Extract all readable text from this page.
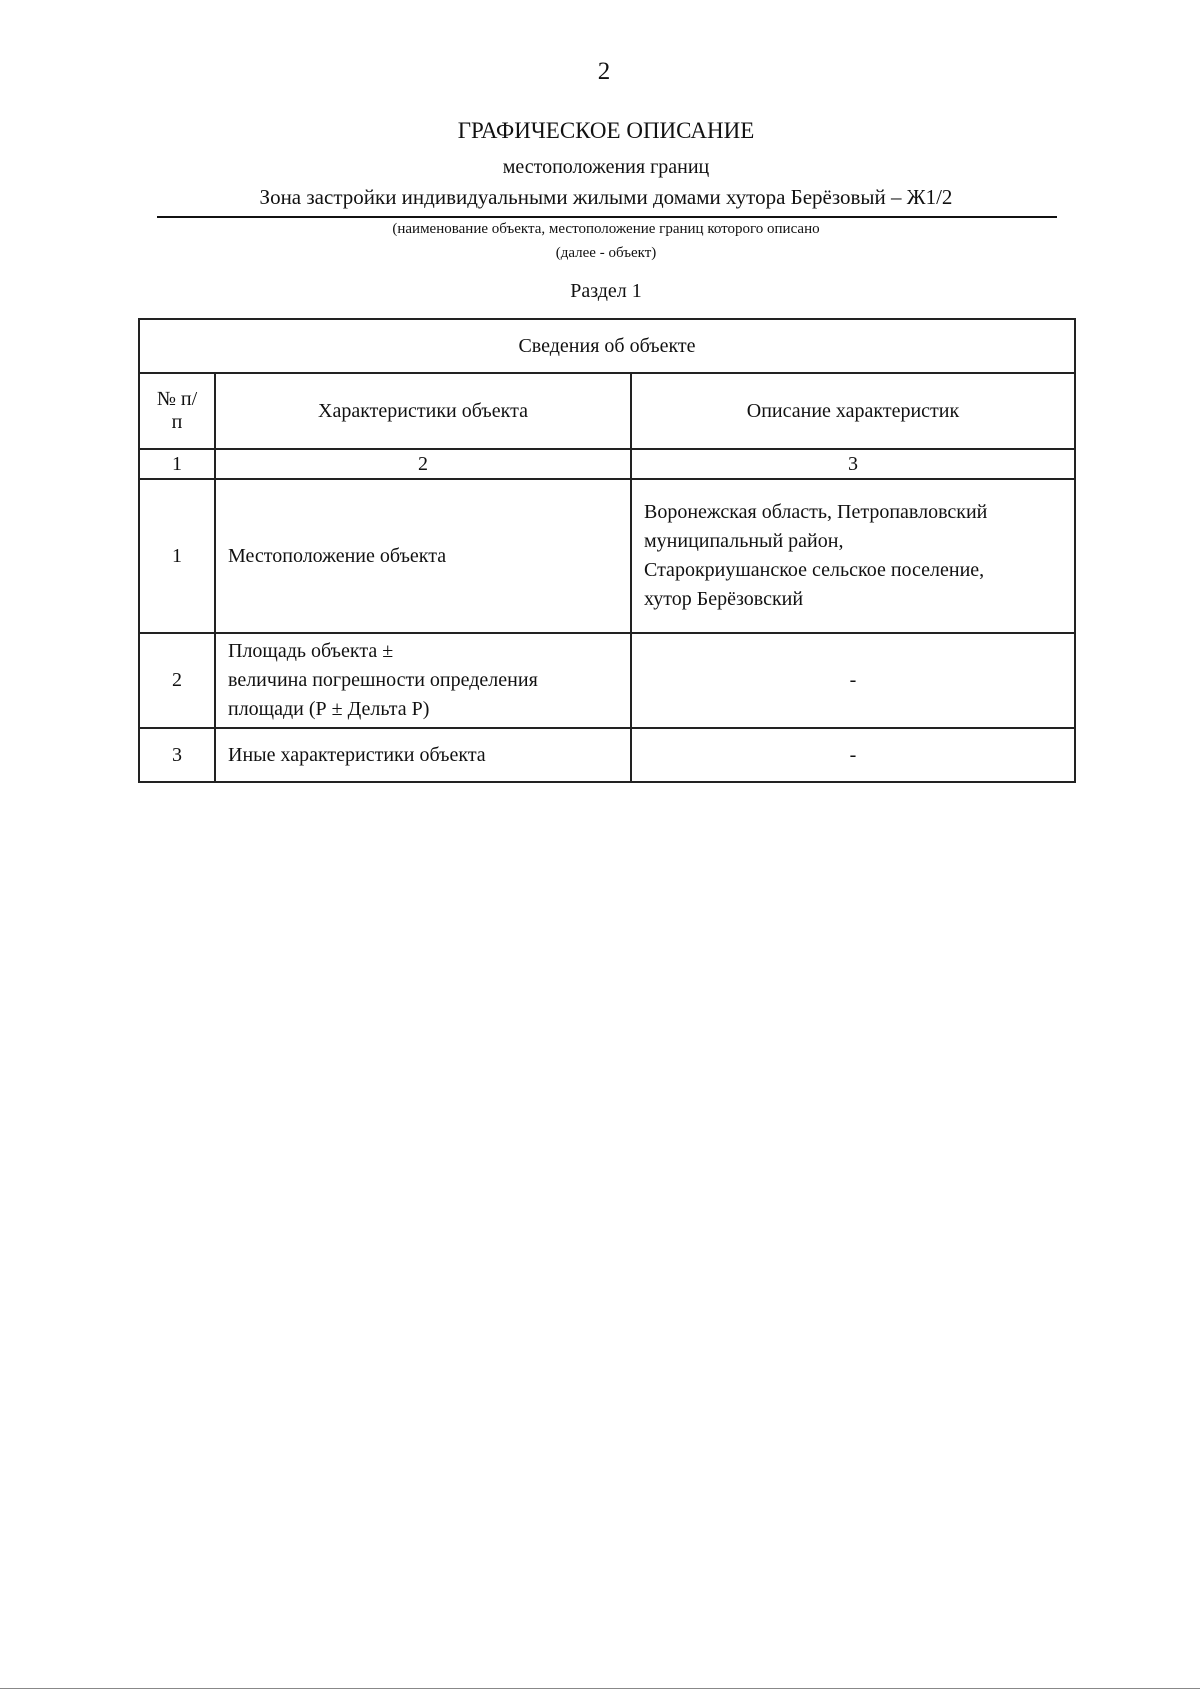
2
ГРАФИЧЕСКОЕ ОПИСАНИЕ
местоположения границ
Зона застройки индивидуальными жилыми домами хутора Берёзовый – Ж1/2
(наименование объекта, местоположение границ которого описано
(далее - объект)
Раздел 1
Сведения об объекте		
№ п/п	Характеристики объекта	Описание характеристик
1	2	3
1	Местоположение объекта	Воронежская область, Петропавловский
муниципальный район,
Старокриушанское сельское поселение,
хутор Берёзовский

2	Площадь объекта ±
величина погрешности определения
площади (Р ± Дельта Р)	-
3	Иные характеристики объекта	-
